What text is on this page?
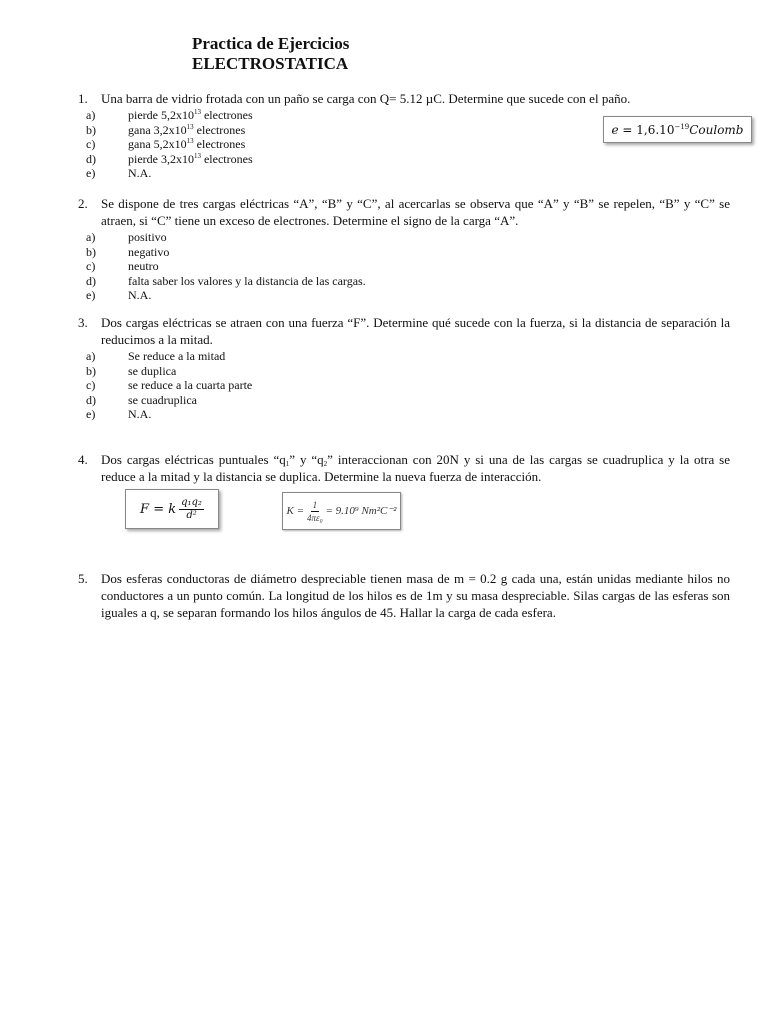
Practica de Ejercicios
ELECTROSTATICA
1. Una barra de vidrio frotada con un paño se carga con Q= 5.12 µC. Determine que sucede con el paño.
a)	pierde $5,2x10^{13}$ electrones
b)	gana $3,2x10^{13}$ electrones
c)	gana $5,2x10^{13}$ electrones
d)	pierde $3,2x10^{13}$ electrones
e)	N.A.
$e = 1,6.10^{-19}Coulomb$
2. Se dispone de tres cargas eléctricas “A”, “B” y “C”, al acercarlas se observa que “A” y “B” se repelen, “B” y “C” se atraen, si “C” tiene un exceso de electrones. Determine el signo de la carga “A”.
a)	positivo
b)	negativo
c)	neutro
d)	falta saber los valores y la distancia de las cargas.
e)	N.A.
3. Dos cargas eléctricas se atraen con una fuerza “F”. Determine qué sucede con la fuerza, si la distancia de separación la reducimos a la mitad.
a)	Se reduce a la mitad
b)	se duplica
c)	se reduce a la cuarta parte
d)	se cuadruplica
e)	N.A.
4. Dos cargas eléctricas puntuales “$q_1$” y “$q_2$” interaccionan con 20N y si una de las cargas se cuadruplica y la otra se reduce a la mitad y la distancia se duplica. Determine la nueva fuerza de interacción.
F = k $\frac{\text{q₁q₂}}{\text{d²}}$	$K = \frac{1}{\text{4πε₀}} = 9.10^9$ Nm²C⁻²
5. Dos esferas conductoras de diámetro despreciable tienen masa de m = 0.2 g cada una, están unidas mediante hilos no conductores a un punto común. La longitud de los hilos es de 1m y su masa despreciable. Silas cargas de las esferas son iguales a q, se separan formando los hilos ángulos de 45. Hallar la carga de cada esfera.
